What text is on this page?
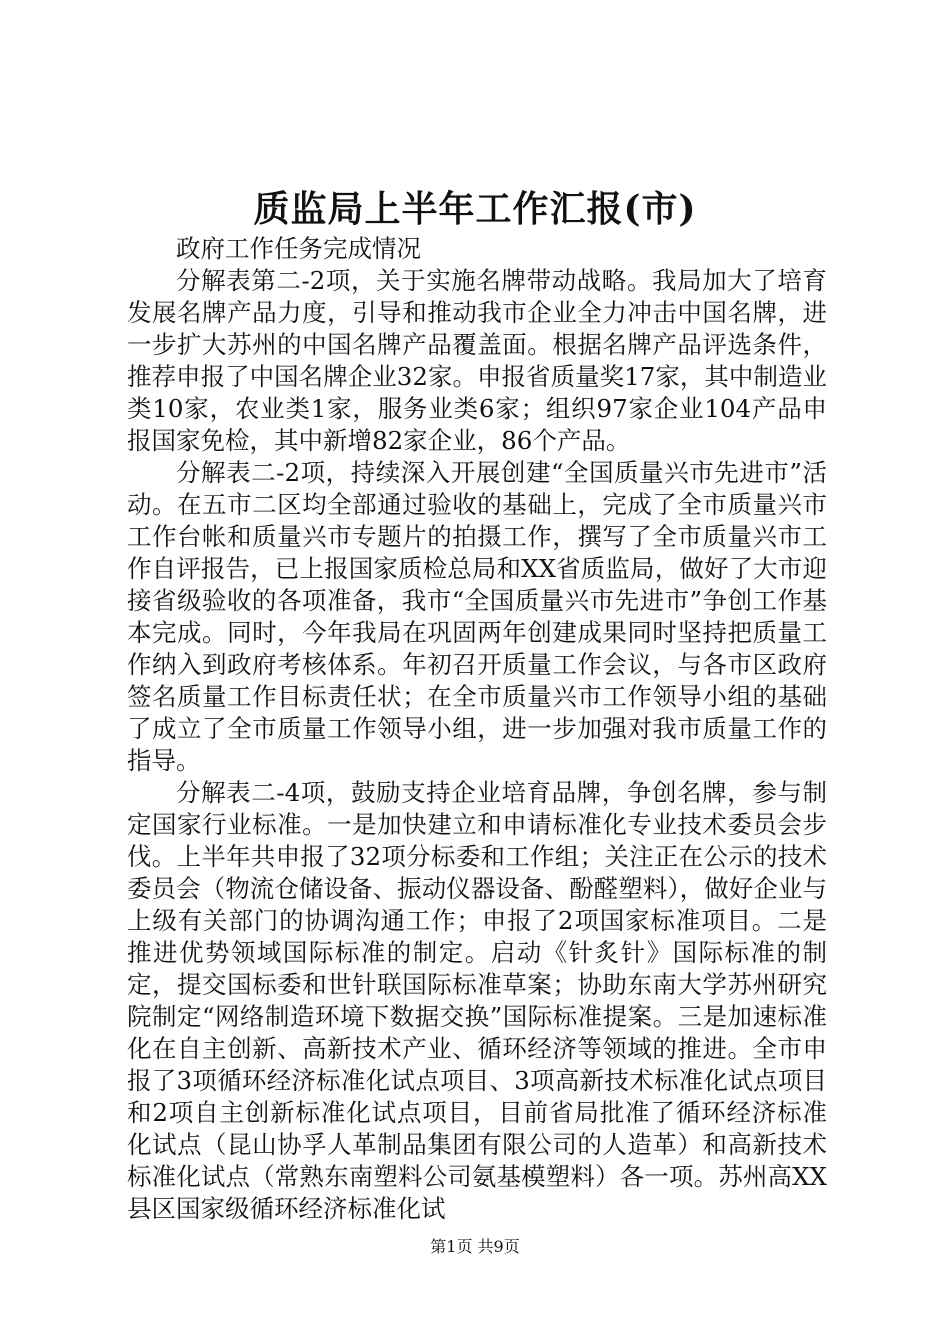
质监局上半年工作汇报(市)

政府工作任务完成情况

分解表第二-2项，关于实施名牌带动战略。我局加大了培育发展名牌产品力度，引导和推动我市企业全力冲击中国名牌，进一步扩大苏州的中国名牌产品覆盖面。根据名牌产品评选条件，推荐申报了中国名牌企业32家。申报省质量奖17家，其中制造业类10家，农业类1家，服务业类6家；组织97家企业104产品申报国家免检，其中新增82家企业，86个产品。

分解表二-2项，持续深入开展创建“全国质量兴市先进市”活动。在五市二区均全部通过验收的基础上，完成了全市质量兴市工作台帐和质量兴市专题片的拍摄工作，撰写了全市质量兴市工作自评报告，已上报国家质检总局和XX省质监局，做好了大市迎接省级验收的各项准备，我市“全国质量兴市先进市”争创工作基本完成。同时，今年我局在巩固两年创建成果同时坚持把质量工作纳入到政府考核体系。年初召开质量工作会议，与各市区政府签名质量工作目标责任状；在全市质量兴市工作领导小组的基础了成立了全市质量工作领导小组，进一步加强对我市质量工作的指导。

分解表二-4项，鼓励支持企业培育品牌，争创名牌，参与制定国家行业标准。一是加快建立和申请标准化专业技术委员会步伐。上半年共申报了32项分标委和工作组；关注正在公示的技术委员会（物流仓储设备、振动仪器设备、酚醛塑料），做好企业与上级有关部门的协调沟通工作；申报了2项国家标准项目。二是推进优势领域国际标准的制定。启动《针炙针》国际标准的制定，提交国标委和世针联国际标准草案；协助东南大学苏州研究院制定“网络制造环境下数据交换”国际标准提案。三是加速标准化在自主创新、高新技术产业、循环经济等领域的推进。全市申报了3项循环经济标准化试点项目、3项高新技术标准化试点项目和2项自主创新标准化试点项目，目前省局批准了循环经济标准化试点（昆山协孚人革制品集团有限公司的人造革）和高新技术标准化试点（常熟东南塑料公司氨基模塑料）各一项。苏州高XX县区国家级循环经济标准化试

第1页 共9页
